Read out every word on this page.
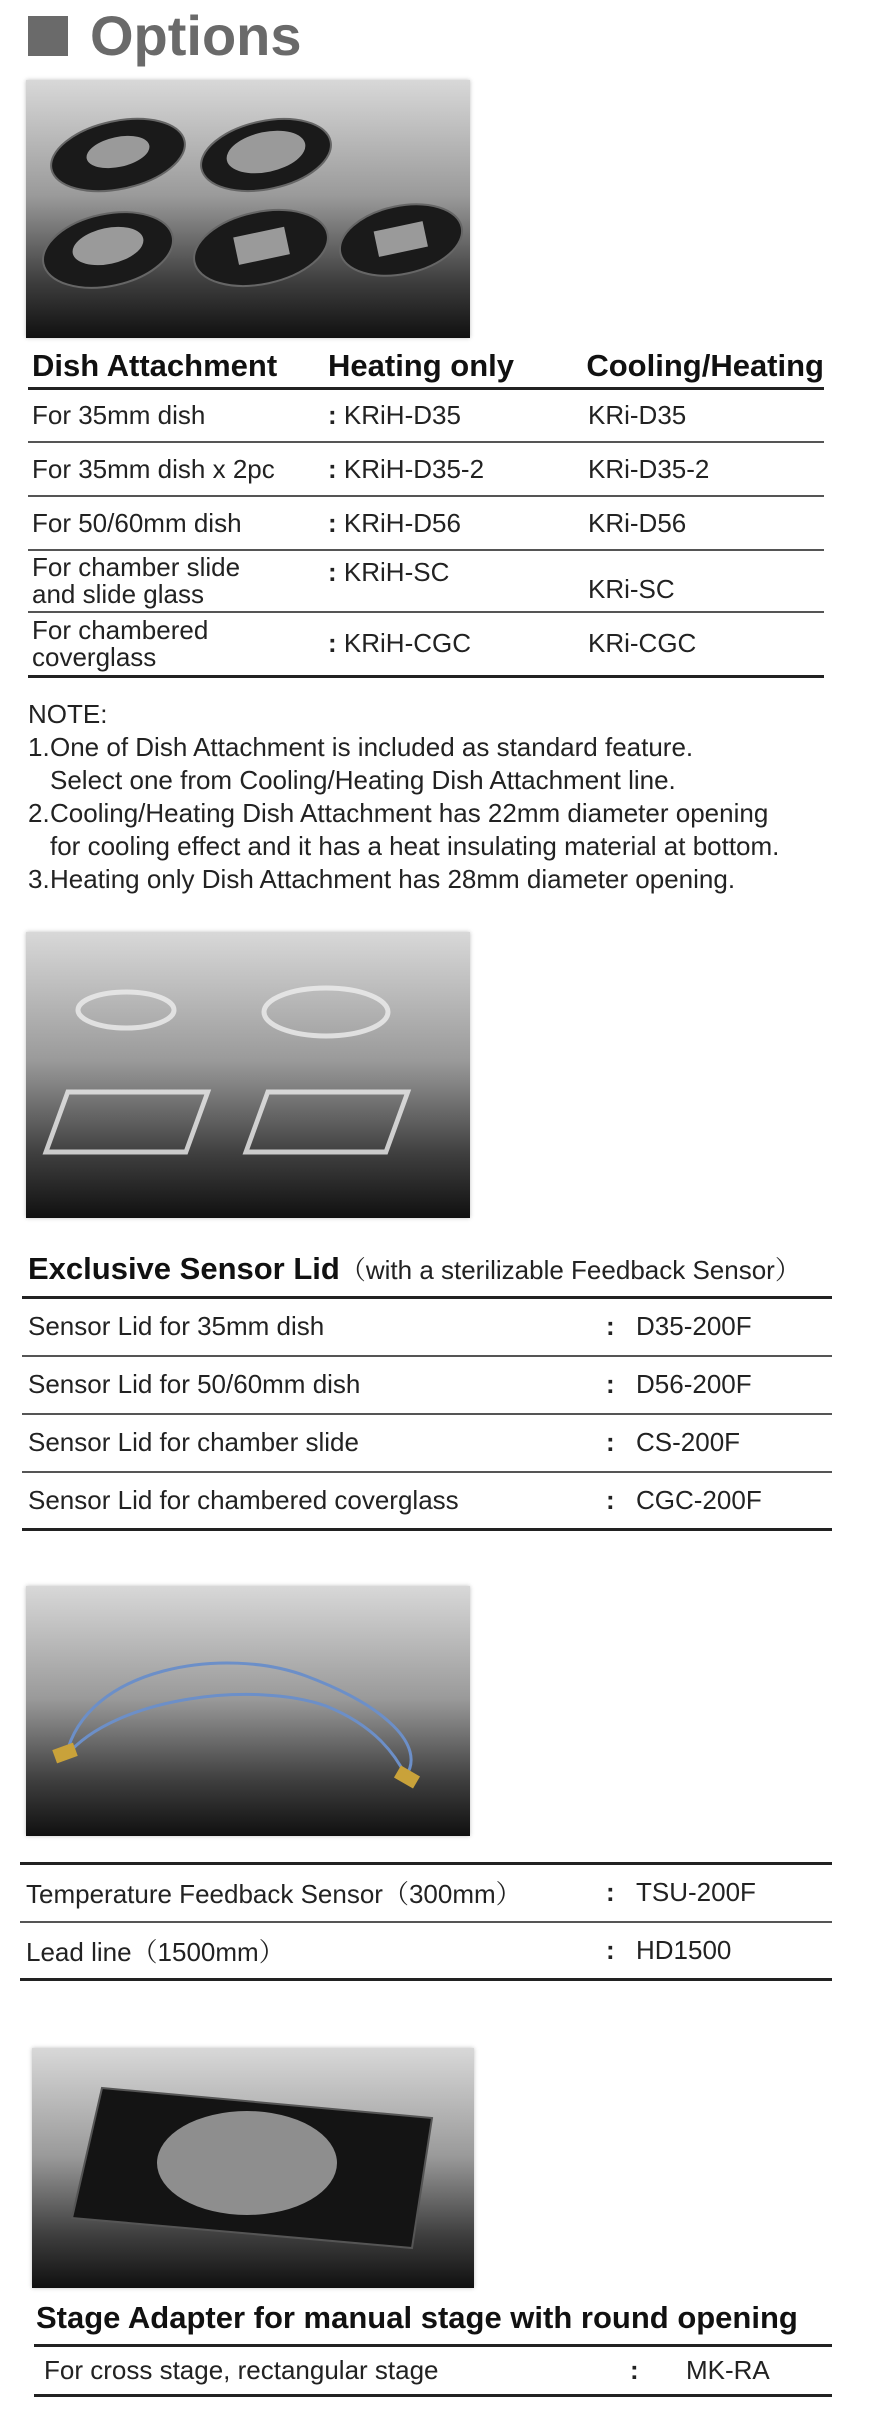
Options
Dish Attachment	Heating only	Cooling/Heating
For 35mm dish	: KRiH-D35	KRi-D35
For 35mm dish x 2pc	: KRiH-D35-2	KRi-D35-2
For 50/60mm dish	: KRiH-D56	KRi-D56

For chamber slide
and slide glass	: KRiH-SC	KRi-SC

For chambered
coverglass	: KRiH-CGC	KRi-CGC

NOTE:

1.One of Dish Attachment is included as standard feature.

Select one from Cooling/Heating Dish Attachment line.

2.Cooling/Heating Dish Attachment has 22mm diameter opening

for cooling effect and it has a heat insulating material at bottom.

3.Heating only Dish Attachment has 28mm diameter opening.

Exclusive Sensor Lid（with a sterilizable Feedback Sensor）
Sensor Lid for 35mm dish	:	D35-200F
Sensor Lid for 50/60mm dish	:	D56-200F
Sensor Lid for chamber slide	:	CS-200F
Sensor Lid for chambered coverglass	:	CGC-200F
Temperature Feedback Sensor（300mm）	:	TSU-200F
Lead line（1500mm）	:	HD1500
Stage Adapter for manual stage with round opening
For cross stage, rectangular stage	:	MK-RA
